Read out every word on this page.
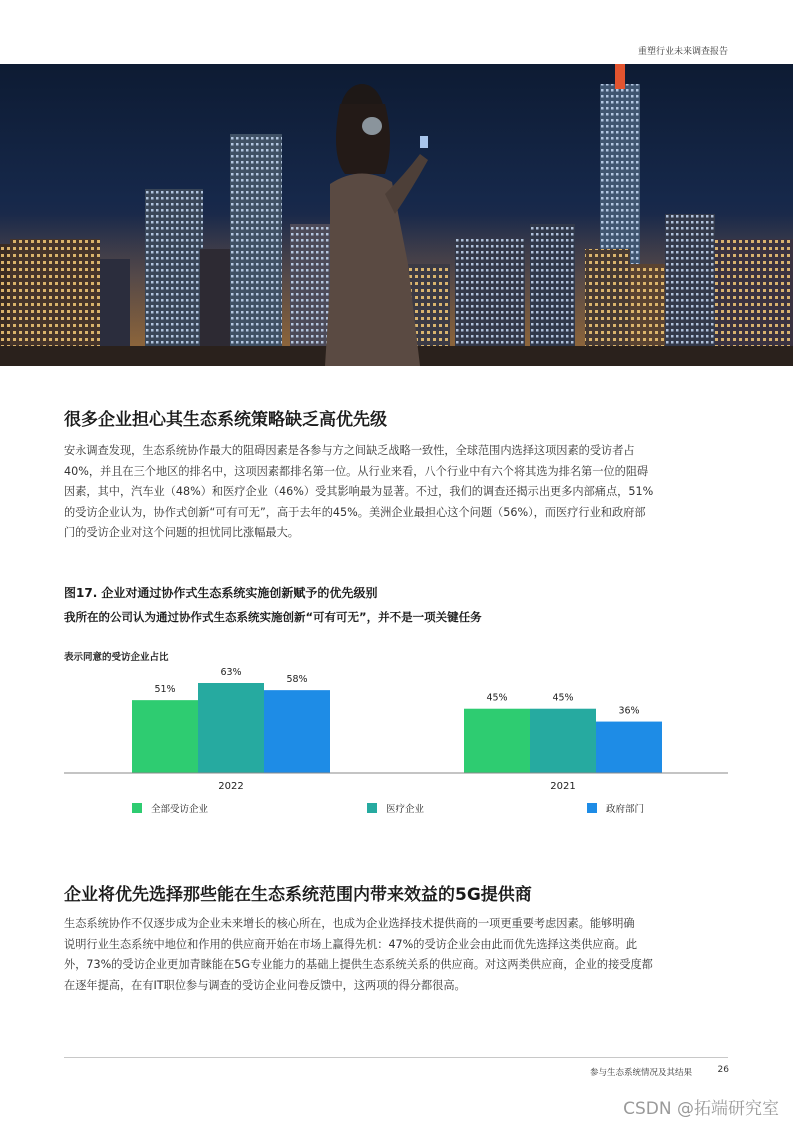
重塑行业未来调查报告
很多企业担心其生态系统策略缺乏高优先级
安永调查发现，生态系统协作最大的阻碍因素是各参与方之间缺乏战略一致性，全球范围内选择这项因素的受访者占
40%，并且在三个地区的排名中，这项因素都排名第一位。从行业来看，八个行业中有六个将其选为排名第一位的阻碍
因素，其中，汽车业（48%）和医疗企业（46%）受其影响最为显著。不过，我们的调查还揭示出更多内部痛点，51%
的受访企业认为，协作式创新“可有可无”，高于去年的45%。美洲企业最担心这个问题（56%），而医疗行业和政府部
门的受访企业对这个问题的担忧同比涨幅最大。
图17. 企业对通过协作式生态系统实施创新赋予的优先级别
我所在的公司认为通过协作式生态系统实施创新“可有可无”，并不是一项关键任务
表示同意的受访企业占比
51%
63%
58%
2022
45%	45%
36%
2021
全部受访企业	医疗企业	政府部门
企业将优先选择那些能在生态系统范围内带来效益的5G提供商
生态系统协作不仅逐步成为企业未来增长的核心所在，也成为企业选择技术提供商的一项更重要考虑因素。能够明确
说明行业生态系统中地位和作用的供应商开始在市场上赢得先机：47%的受访企业会由此而优先选择这类供应商。此
外，73%的受访企业更加青睐能在5G专业能力的基础上提供生态系统关系的供应商。对这两类供应商，企业的接受度都
在逐年提高，在有IT职位参与调查的受访企业问卷反馈中，这两项的得分都很高。
参与生态系统情况及其结果	26
CSDN @拓端研究室
